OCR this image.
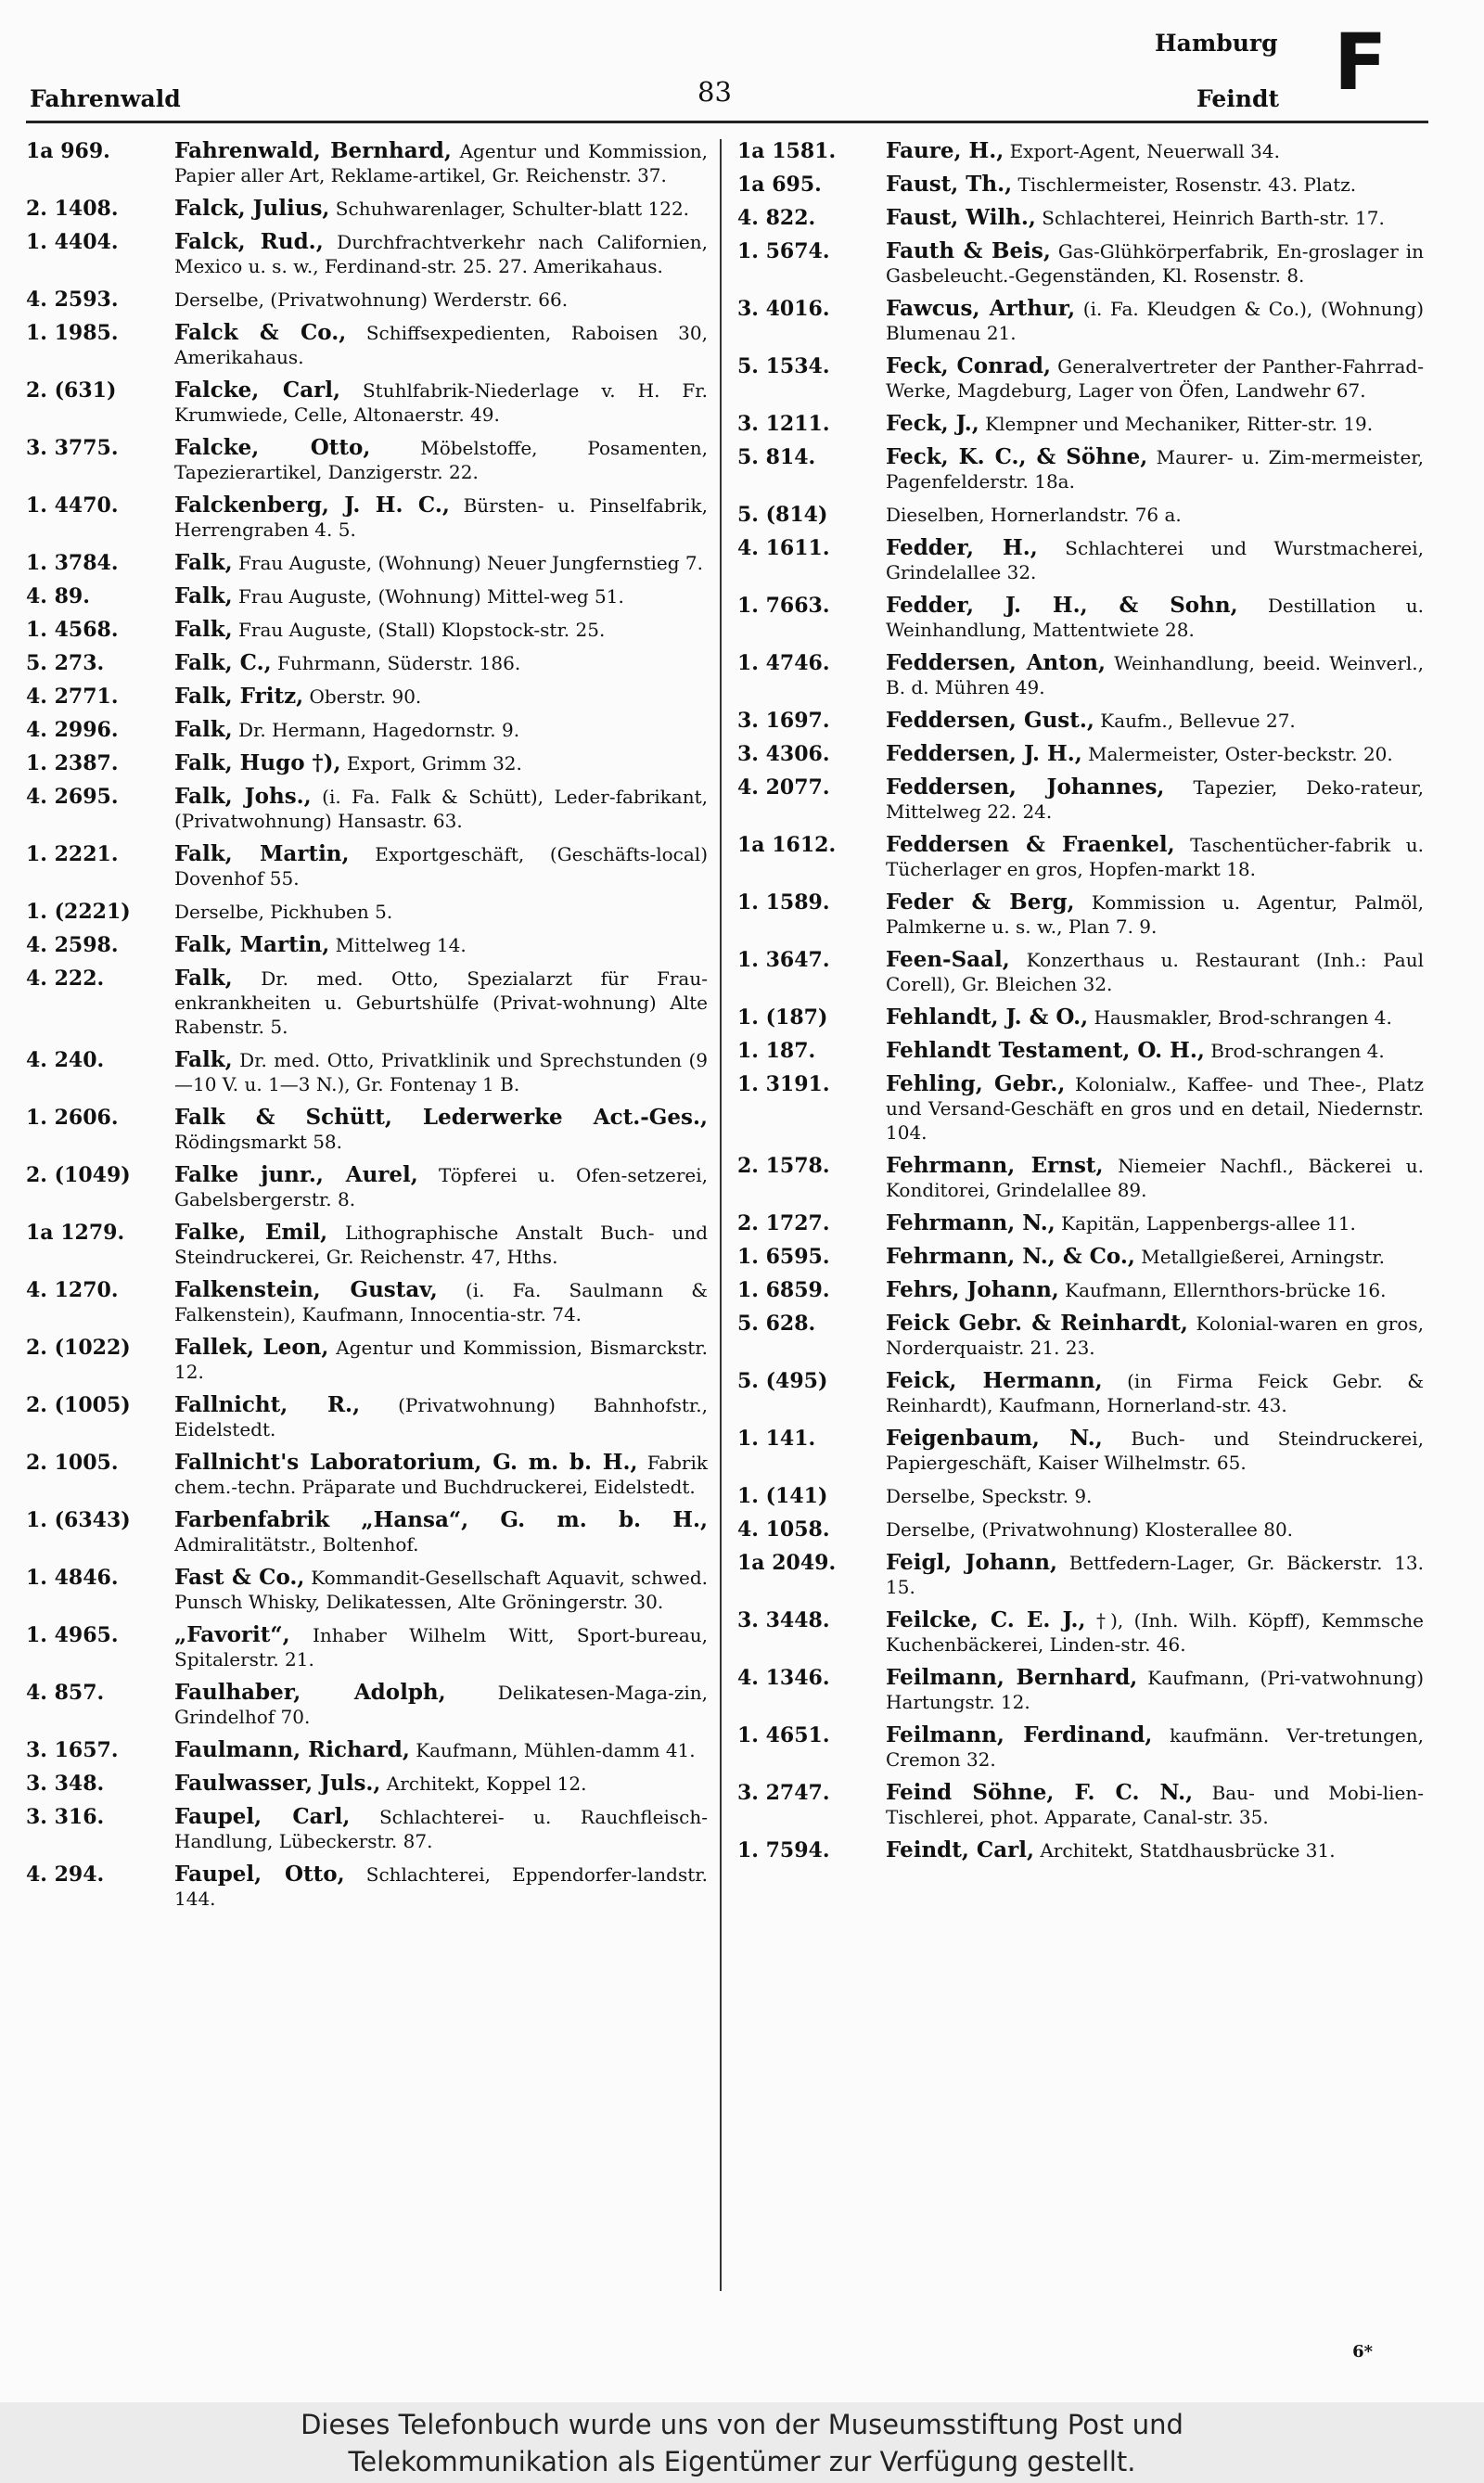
Fahrenwald	83
Hamburg
Feindt F
1a 969.	Fahrenwald, Bernhard, Agentur und Kommission, Papier aller Art, Reklame-artikel, Gr. Reichenstr. 37.
2. 1408.	Falck, Julius, Schuhwarenlager, Schulter-blatt 122.
1. 4404.	Falck, Rud., Durchfrachtverkehr nach Californien, Mexico u. s. w., Ferdinand-str. 25. 27. Amerikahaus.
4. 2593.	Derselbe, (Privatwohnung) Werderstr. 66.
1. 1985.	Falck & Co., Schiffsexpedienten, Raboisen 30, Amerikahaus.
2. (631)	Falcke, Carl, Stuhlfabrik-Niederlage v. H. Fr. Krumwiede, Celle, Altonaerstr. 49.
3. 3775.	Falcke, Otto,	Möbelstoffe, Posamenten, Tapezierartikel, Danzigerstr. 22.
1. 4470.	Falckenberg, J. H. C., Bürsten- u. Pinselfabrik, Herrengraben 4. 5.
1. 3784.	Falk, Frau Auguste, (Wohnung) Neuer Jungfernstieg 7.
4. 89.	Falk, Frau Auguste, (Wohnung) Mittel-weg 51.
1. 4568.	Falk, Frau Auguste, (Stall) Klopstock-str. 25.
5. 273.	Falk, C., Fuhrmann, Süderstr. 186.
4. 2771.	Falk, Fritz, Oberstr. 90.
4. 2996.	Falk, Dr. Hermann, Hagedornstr. 9.
1. 2387.	Falk, Hugo †), Export, Grimm 32.
4. 2695.	Falk, Johs., (i. Fa. Falk & Schütt), Leder-fabrikant, (Privatwohnung) Hansastr. 63.
1. 2221.	Falk, Martin, Exportgeschäft, (Geschäfts-local) Dovenhof 55.
1. (2221)	Derselbe, Pickhuben 5.
4. 2598.	Falk, Martin, Mittelweg 14.
4. 222.	Falk, Dr. med. Otto, Spezialarzt für Frau-enkrankheiten u. Geburtshülfe (Privat-wohnung) Alte Rabenstr. 5.
4. 240.	Falk, Dr. med. Otto, Privatklinik und Sprechstunden (9—10 V. u. 1—3 N.), Gr. Fontenay 1 B.
1. 2606.	Falk & Schütt, Lederwerke Act.-Ges., Rödingsmarkt 58.
2. (1049)	Falke junr., Aurel, Töpferei u. Ofen-setzerei, Gabelsbergerstr. 8.
1a 1279.	Falke, Emil, Lithographische Anstalt Buch- und Steindruckerei, Gr. Reichenstr. 47, Hths.
4. 1270.	Falkenstein, Gustav, (i. Fa. Saulmann & Falkenstein), Kaufmann, Innocentia-str. 74.
2. (1022)	Fallek, Leon, Agentur und Kommission, Bismarckstr. 12.
2. (1005)	Fallnicht, R., (Privatwohnung) Bahnhofstr., Eidelstedt.
2. 1005.	Fallnicht's Laboratorium, G. m. b. H., Fabrik chem.-techn. Präparate und Buchdruckerei, Eidelstedt.
1. (6343)	Farbenfabrik „Hansa“, G. m. b. H., Admiralitätstr., Boltenhof.
1. 4846.	Fast & Co., Kommandit-Gesellschaft Aquavit, schwed. Punsch Whisky, Delikatessen, Alte Gröningerstr. 30.
1. 4965.	„Favorit“, Inhaber Wilhelm Witt, Sport-bureau, Spitalerstr. 21.
4. 857.	Faulhaber, Adolph,	Delikatesen-Maga-zin, Grindelhof 70.
3. 1657.	Faulmann, Richard, Kaufmann, Mühlen-damm 41.
3. 348.	Faulwasser, Juls., Architekt, Koppel 12.
3. 316.	Faupel, Carl, Schlachterei- u. Rauchfleisch-Handlung, Lübeckerstr. 87.
4. 294.	Faupel, Otto, Schlachterei, Eppendorfer-landstr. 144.
1a 1581.	Faure, H., Export-Agent, Neuerwall 34.
1a 695.	Faust, Th., Tischlermeister, Rosenstr. 43. Platz.
4. 822.	Faust, Wilh., Schlachterei, Heinrich Barth-str. 17.
1. 5674.	Fauth & Beis, Gas-Glühkörperfabrik, En-groslager in Gasbeleucht.-Gegenständen, Kl. Rosenstr. 8.
3. 4016.	Fawcus, Arthur, (i. Fa. Kleudgen & Co.), (Wohnung) Blumenau 21.
5. 1534.	Feck, Conrad, Generalvertreter der Panther-Fahrrad-Werke, Magdeburg, Lager von Öfen, Landwehr 67.
3. 1211.	Feck, J., Klempner und Mechaniker, Ritter-str. 19.
5. 814.	Feck, K. C., & Söhne, Maurer- u. Zim-mermeister, Pagenfelderstr. 18a.
5. (814)	Dieselben, Hornerlandstr. 76 a.
4. 1611.	Fedder, H., Schlachterei und Wurstmacherei, Grindelallee 32.
1. 7663.	Fedder, J. H., & Sohn, Destillation u. Weinhandlung, Mattentwiete 28.
1. 4746.	Feddersen, Anton, Weinhandlung, beeid. Weinverl., B. d. Mühren 49.
3. 1697.	Feddersen, Gust., Kaufm., Bellevue 27.
3. 4306.	Feddersen, J. H., Malermeister, Oster-beckstr. 20.
4. 2077.	Feddersen, Johannes, Tapezier, Deko-rateur, Mittelweg 22. 24.
1a 1612.	Feddersen & Fraenkel, Taschentücher-fabrik u. Tücherlager en gros, Hopfen-markt 18.
1. 1589.	Feder & Berg, Kommission u. Agentur, Palmöl, Palmkerne u. s. w., Plan 7. 9.
1. 3647.	Feen-Saal, Konzerthaus u. Restaurant (Inh.: Paul Corell), Gr. Bleichen 32.
1. (187)	Fehlandt, J. & O., Hausmakler, Brod-schrangen 4.
1. 187.	Fehlandt Testament, O. H., Brod-schrangen 4.
1. 3191.	Fehling, Gebr., Kolonialw., Kaffee- und Thee-, Platz und Versand-Geschäft en gros und en detail, Niedernstr. 104.
2. 1578.	Fehrmann, Ernst, Niemeier Nachfl., Bäckerei u. Konditorei, Grindelallee 89.
2. 1727.	Fehrmann, N., Kapitän, Lappenbergs-allee 11.
1. 6595.	Fehrmann, N., & Co., Metallgießerei, Arningstr.
1. 6859.	Fehrs, Johann, Kaufmann, Ellernthors-brücke 16.
5. 628.	Feick Gebr. & Reinhardt, Kolonial-waren en gros, Norderquaistr. 21. 23.
5. (495)	Feick, Hermann, (in Firma Feick Gebr. & Reinhardt), Kaufmann, Hornerland-str. 43.
1. 141.	Feigenbaum, N., Buch- und Steindruckerei, Papiergeschäft, Kaiser Wilhelmstr. 65.
1. (141)	Derselbe, Speckstr. 9.
4. 1058.	Derselbe, (Privatwohnung) Klosterallee 80.
1a 2049.	Feigl, Johann, Bettfedern-Lager, Gr. Bäckerstr. 13. 15.
3. 3448.	Feilcke, C. E. J., †), (Inh. Wilh. Köpff), Kemmsche Kuchenbäckerei, Linden-str. 46.
4. 1346.	Feilmann, Bernhard, Kaufmann, (Pri-vatwohnung) Hartungstr. 12.
1. 4651.	Feilmann, Ferdinand, kaufmänn. Ver-tretungen, Cremon 32.
3. 2747.	Feind Söhne, F. C. N., Bau- und Mobi-lien-Tischlerei, phot. Apparate, Canal-str. 35.
1. 7594.	Feindt, Carl, Architekt, Statdhausbrücke 31.
6*
Dieses Telefonbuch wurde uns von der Museumsstiftung Post und
Telekommunikation als Eigentümer zur Verfügung gestellt.
